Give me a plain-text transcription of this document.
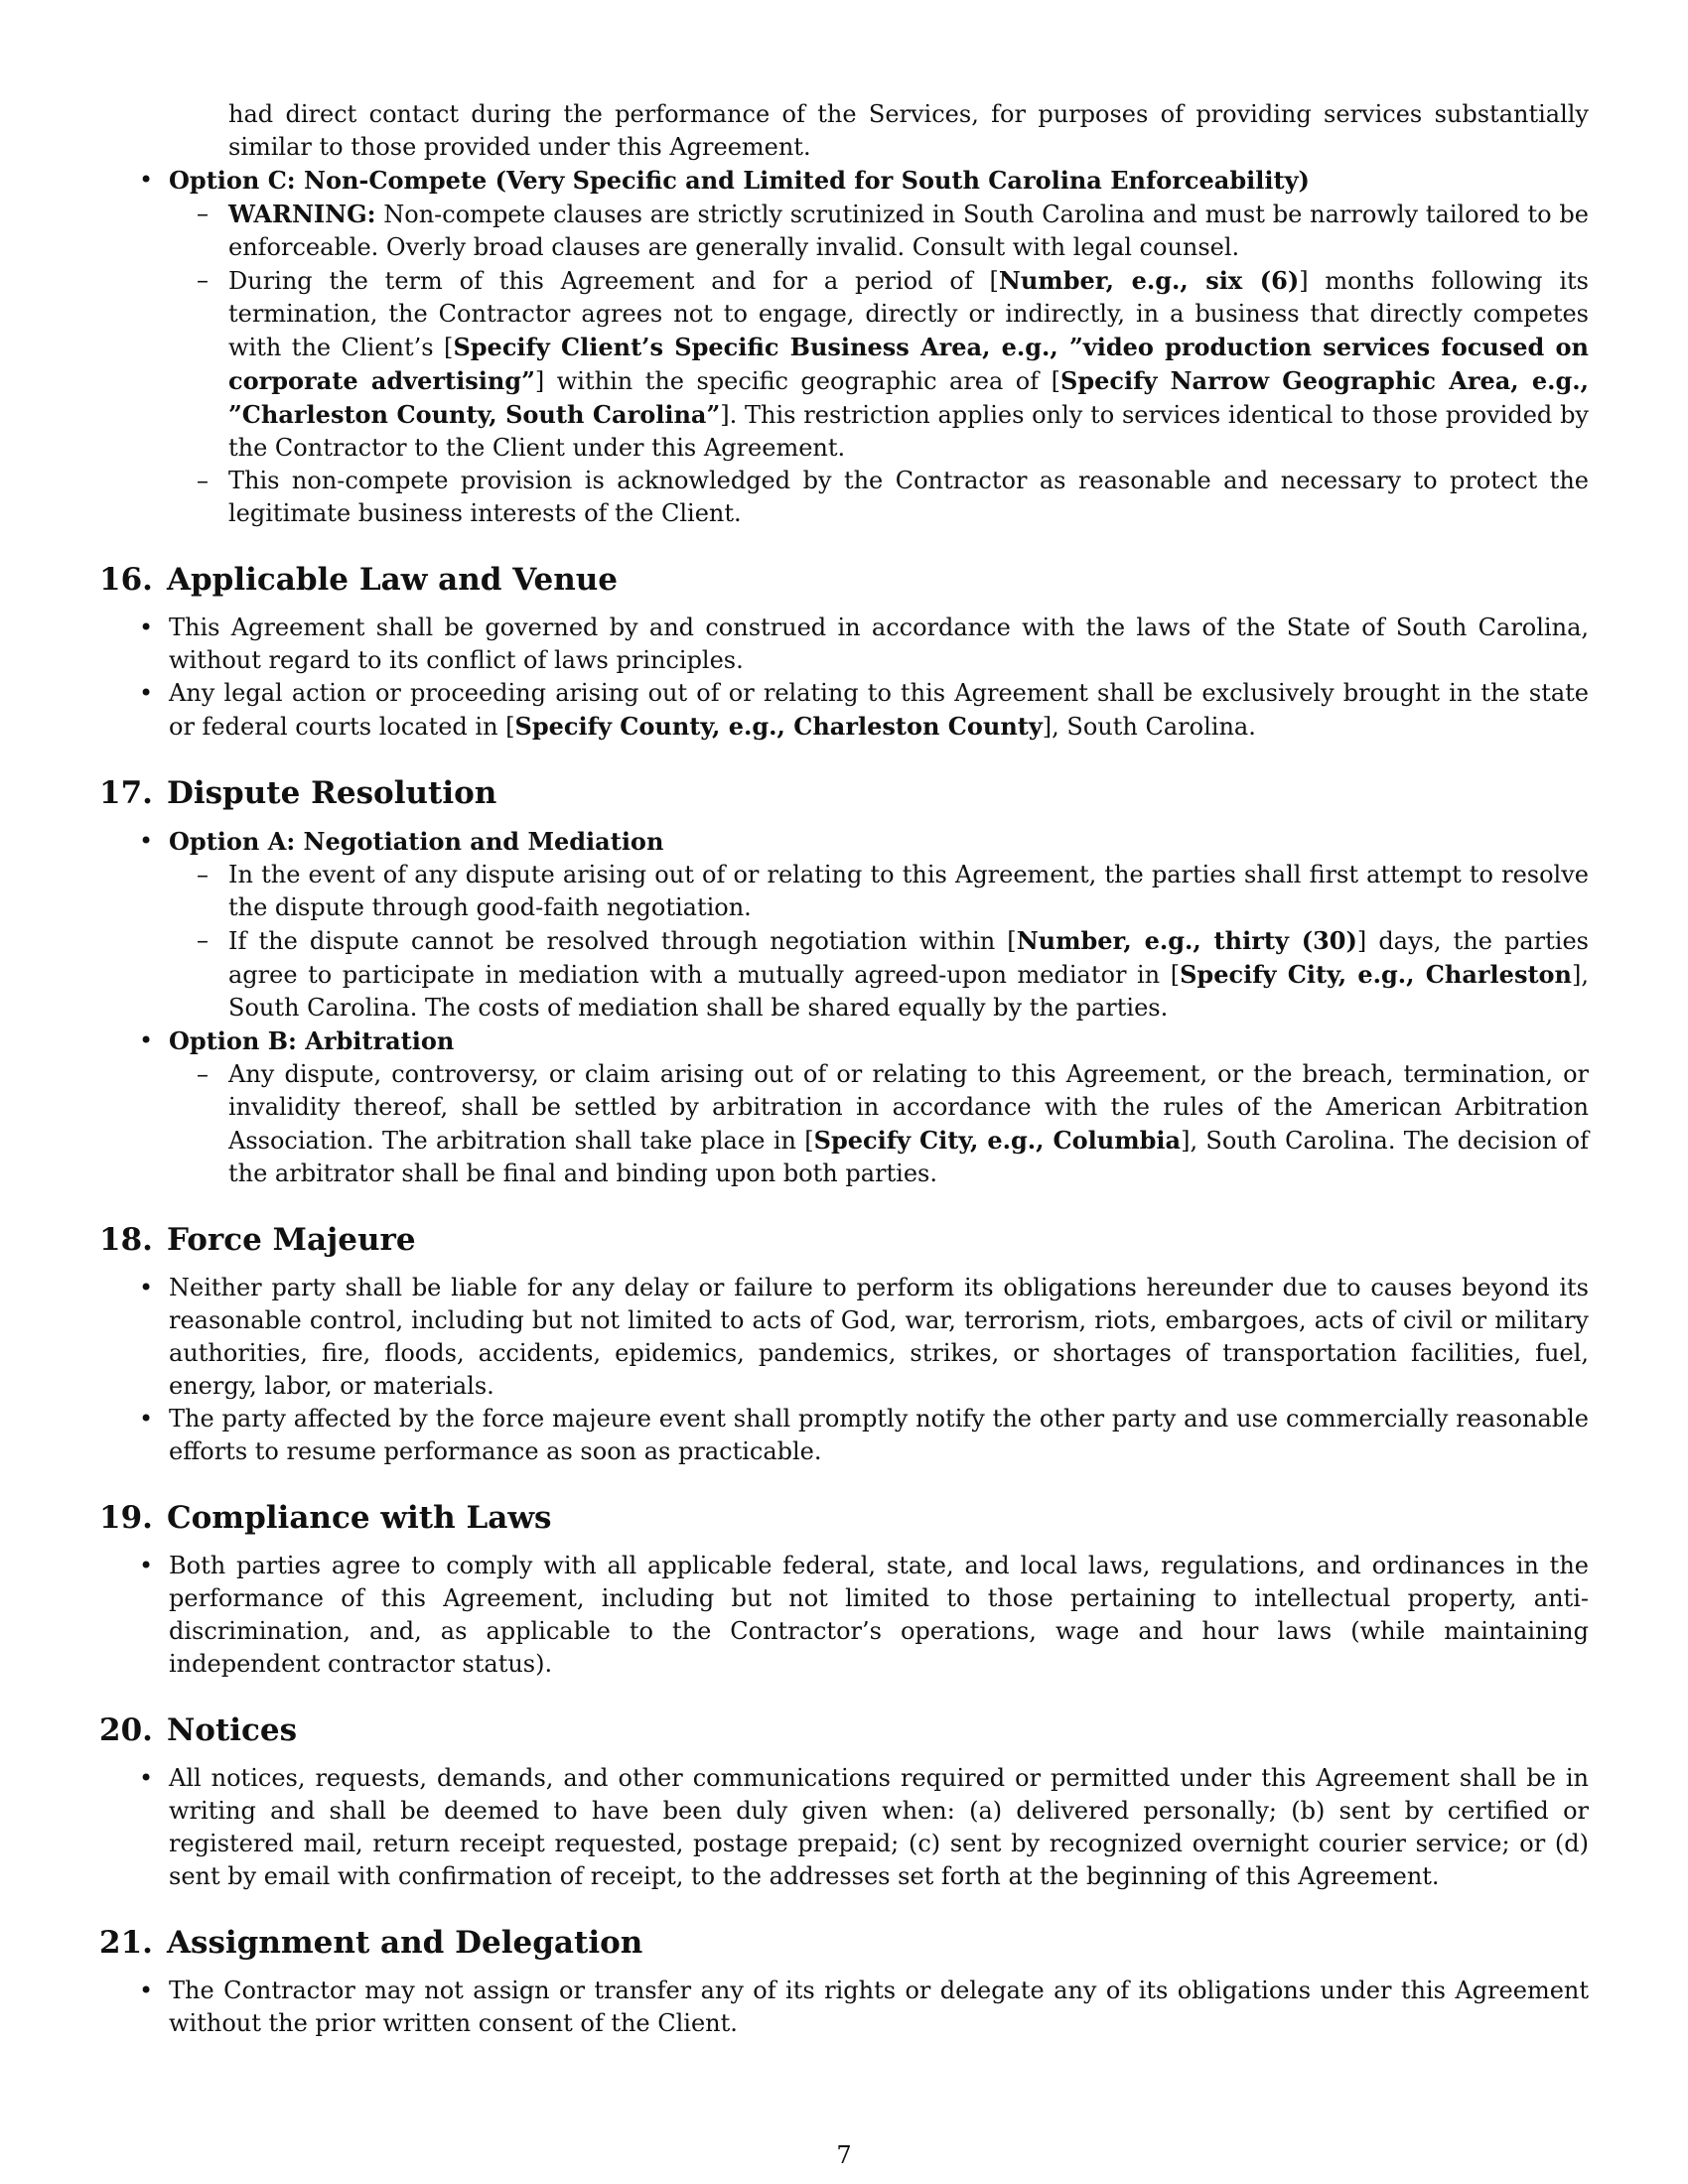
had direct contact during the performance of the Services, for purposes of providing services substantially similar to those provided under this Agreement.

• Option C: Non-Compete (Very Specific and Limited for South Carolina Enforceability)
– WARNING: Non-compete clauses are strictly scrutinized in South Carolina and must be narrowly tailored to be enforceable. Overly broad clauses are generally invalid. Consult with legal counsel.
– During the term of this Agreement and for a period of [Number, e.g., six (6)] months following its termination, the Contractor agrees not to engage, directly or indirectly, in a business that directly competes with the Client’s [Specify Client’s Specific Business Area, e.g., ”video production services focused on corporate advertising”] within the specific geographic area of [Specify Narrow Geographic Area, e.g., ”Charleston County, South Carolina”]. This restriction applies only to services identical to those provided by the Contractor to the Client under this Agreement.
– This non-compete provision is acknowledged by the Contractor as reasonable and necessary to protect the legitimate business interests of the Client.
16. Applicable Law and Venue
• This Agreement shall be governed by and construed in accordance with the laws of the State of South Carolina, without regard to its conflict of laws principles.
• Any legal action or proceeding arising out of or relating to this Agreement shall be exclusively brought in the state or federal courts located in [Specify County, e.g., Charleston County], South Carolina.
17. Dispute Resolution
• Option A: Negotiation and Mediation
– In the event of any dispute arising out of or relating to this Agreement, the parties shall first attempt to resolve the dispute through good-faith negotiation.
– If the dispute cannot be resolved through negotiation within [Number, e.g., thirty (30)] days, the parties agree to participate in mediation with a mutually agreed-upon mediator in [Specify City, e.g., Charleston], South Carolina. The costs of mediation shall be shared equally by the parties.
• Option B: Arbitration
– Any dispute, controversy, or claim arising out of or relating to this Agreement, or the breach, termination, or invalidity thereof, shall be settled by arbitration in accordance with the rules of the American Arbitration Association. The arbitration shall take place in [Specify City, e.g., Columbia], South Carolina. The decision of the arbitrator shall be final and binding upon both parties.
18. Force Majeure
• Neither party shall be liable for any delay or failure to perform its obligations hereunder due to causes beyond its reasonable control, including but not limited to acts of God, war, terrorism, riots, embargoes, acts of civil or military authorities, fire, floods, accidents, epidemics, pandemics, strikes, or shortages of transportation facilities, fuel, energy, labor, or materials.
• The party affected by the force majeure event shall promptly notify the other party and use commercially reasonable efforts to resume performance as soon as practicable.
19. Compliance with Laws
• Both parties agree to comply with all applicable federal, state, and local laws, regulations, and ordinances in the performance of this Agreement, including but not limited to those pertaining to intellectual property, anti-discrimination, and, as applicable to the Contractor’s operations, wage and hour laws (while maintaining independent contractor status).
20. Notices
• All notices, requests, demands, and other communications required or permitted under this Agreement shall be in writing and shall be deemed to have been duly given when: (a) delivered personally; (b) sent by certified or registered mail, return receipt requested, postage prepaid; (c) sent by recognized overnight courier service; or (d) sent by email with confirmation of receipt, to the addresses set forth at the beginning of this Agreement.
21. Assignment and Delegation
• The Contractor may not assign or transfer any of its rights or delegate any of its obligations under this Agreement without the prior written consent of the Client.
7
